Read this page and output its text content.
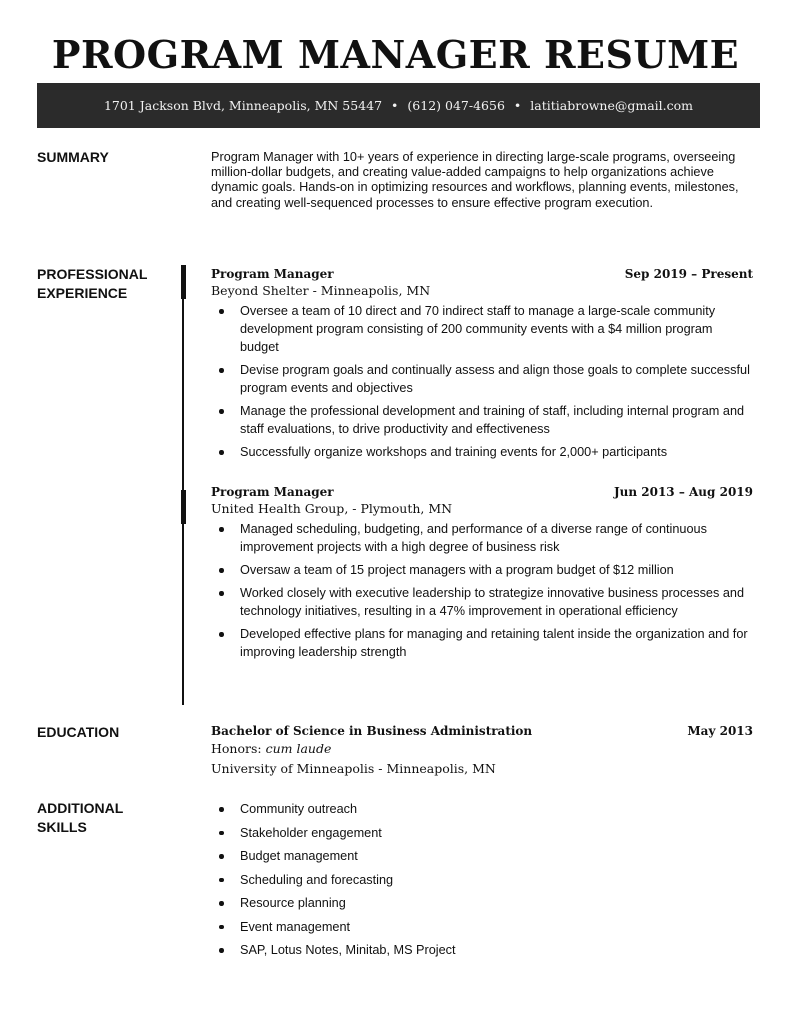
PROGRAM MANAGER RESUME
1701 Jackson Blvd, Minneapolis, MN 55447 • (612) 047-4656 • latitiabrowne@gmail.com
SUMMARY	Program Manager with 10+ years of experience in directing large-scale programs, overseeing million-dollar budgets, and creating value-added campaigns to help organizations achieve dynamic goals. Hands-on in optimizing resources and workflows, planning events, milestones, and creating well-sequenced processes to ensure effective program execution.
PROFESSIONAL
EXPERIENCE
Program Manager	Sep 2019 – Present
Beyond Shelter - Minneapolis, MN
Oversee a team of 10 direct and 70 indirect staff to manage a large-scale community development program consisting of 200 community events with a $4 million program budget
Devise program goals and continually assess and align those goals to complete successful program events and objectives
Manage the professional development and training of staff, including internal program and staff evaluations, to drive productivity and effectiveness
Successfully organize workshops and training events for 2,000+ participants
Program Manager	Jun 2013 – Aug 2019
United Health Group, - Plymouth, MN
Managed scheduling, budgeting, and performance of a diverse range of continuous improvement projects with a high degree of business risk
Oversaw a team of 15 project managers with a program budget of $12 million
Worked closely with executive leadership to strategize innovative business processes and technology initiatives, resulting in a 47% improvement in operational efficiency
Developed effective plans for managing and retaining talent inside the organization and for improving leadership strength
EDUCATION	Bachelor of Science in Business Administration	May 2013
Honors: cum laude
University of Minneapolis - Minneapolis, MN
ADDITIONAL
SKILLS
Community outreach
Stakeholder engagement
Budget management
Scheduling and forecasting
Resource planning
Event management
SAP, Lotus Notes, Minitab, MS Project
